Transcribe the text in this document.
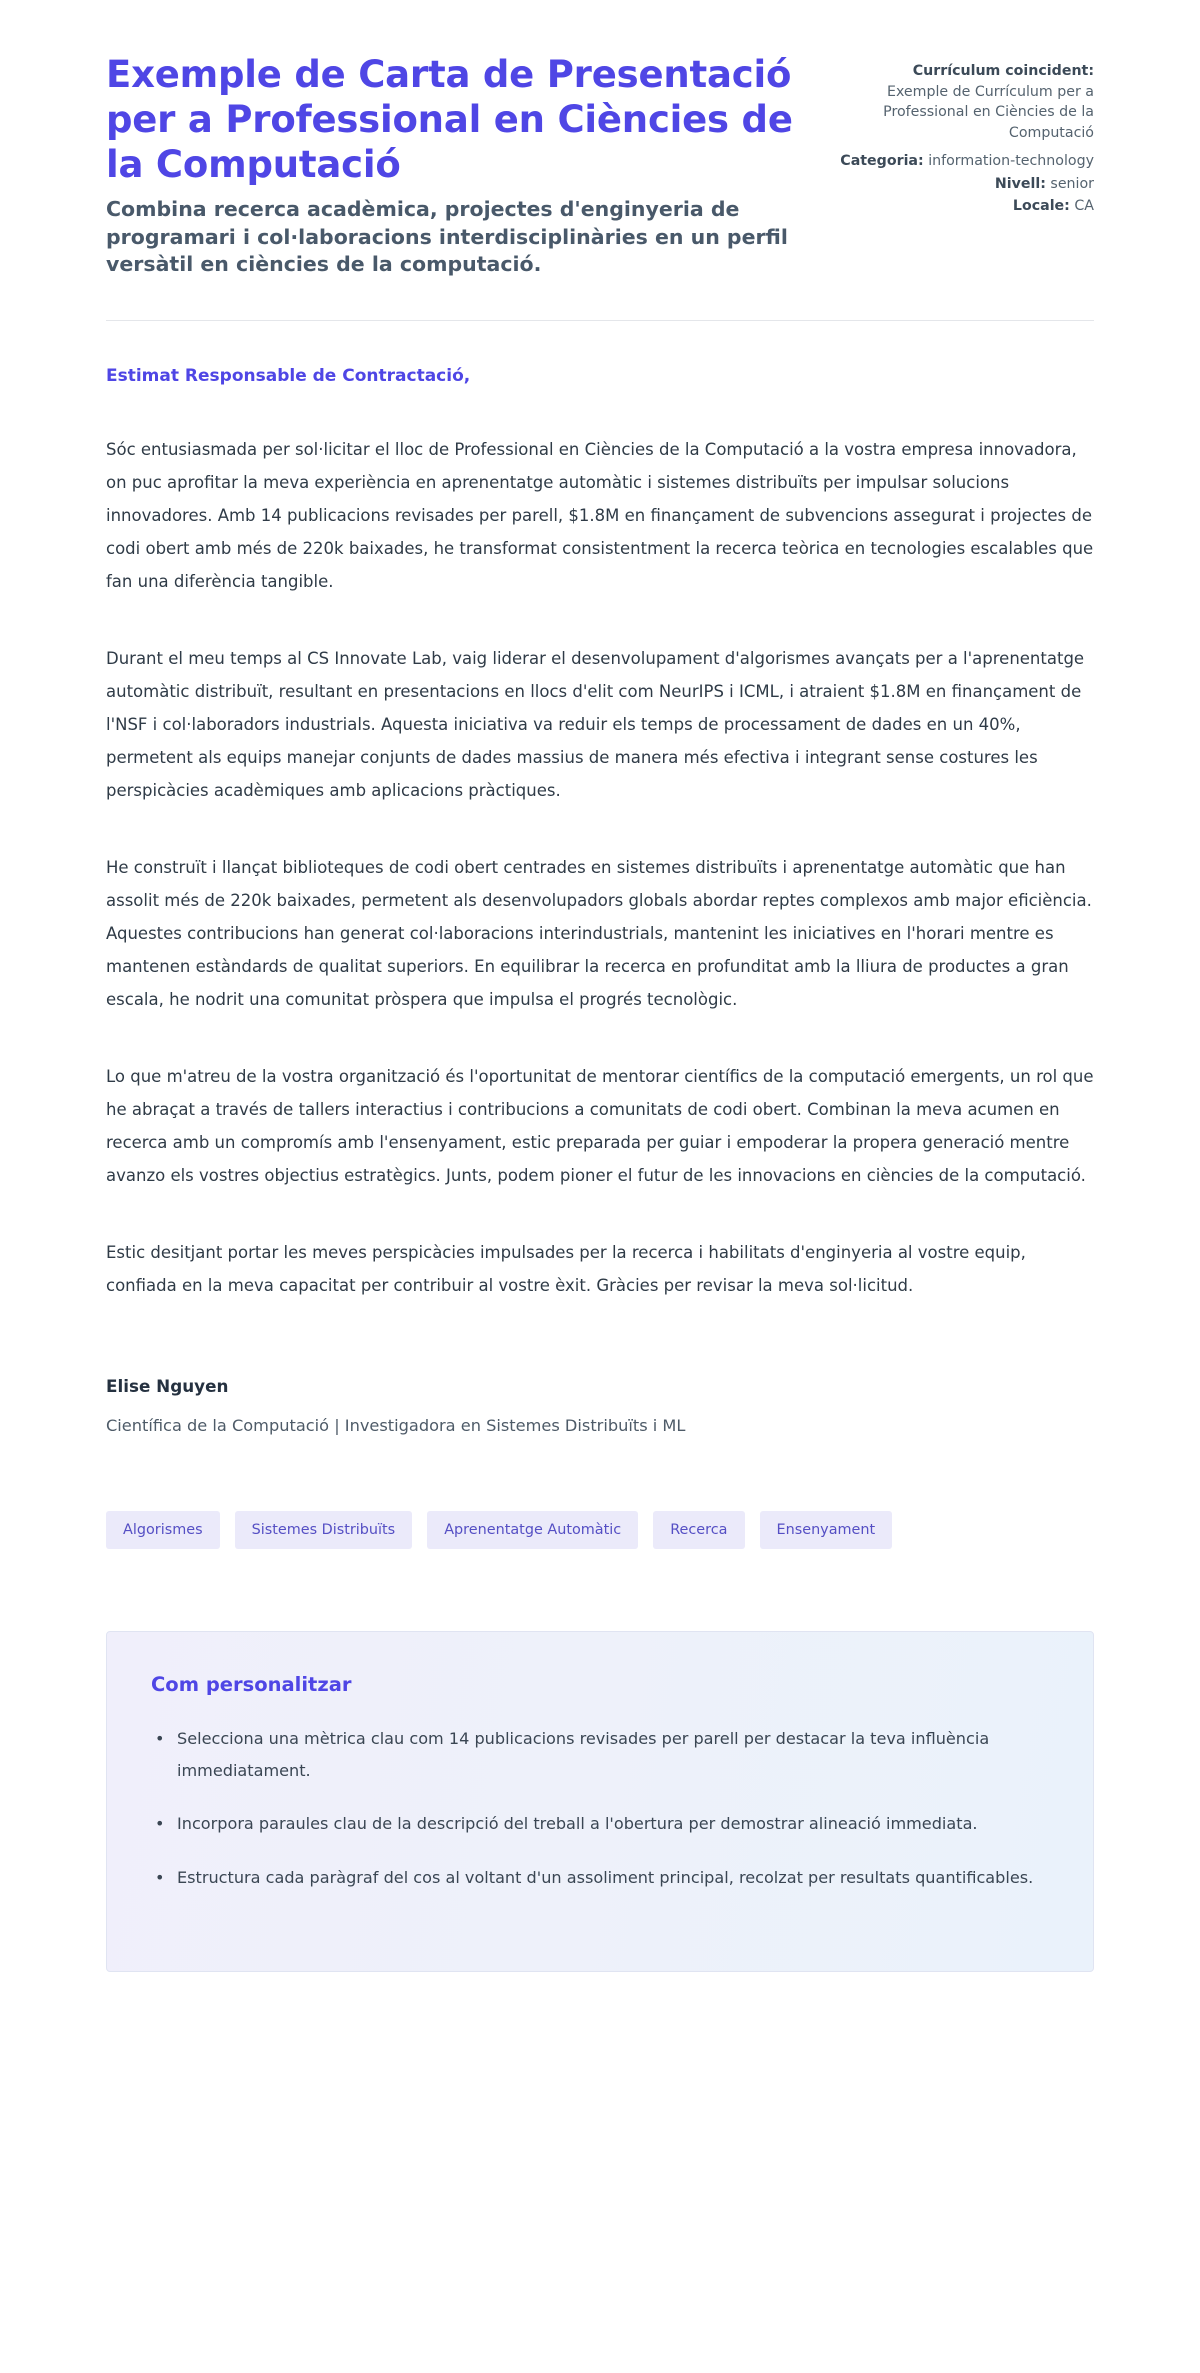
Exemple de Carta de Presentació per a Professional en Ciències de la Computació

Combina recerca acadèmica, projectes d'enginyeria de programari i col·laboracions interdisciplinàries en un perfil versàtil en ciències de la computació.

Currículum coincident:
Exemple de Currículum per a Professional en Ciències de la Computació
Categoria: information-technology
Nivell: senior
Locale: CA

Estimat Responsable de Contractació,

Sóc entusiasmada per sol·licitar el lloc de Professional en Ciències de la Computació a la vostra empresa innovadora, on puc aprofitar la meva experiència en aprenentatge automàtic i sistemes distribuïts per impulsar solucions innovadores. Amb 14 publicacions revisades per parell, $1.8M en finançament de subvencions assegurat i projectes de codi obert amb més de 220k baixades, he transformat consistentment la recerca teòrica en tecnologies escalables que fan una diferència tangible.

Durant el meu temps al CS Innovate Lab, vaig liderar el desenvolupament d'algorismes avançats per a l'aprenentatge automàtic distribuït, resultant en presentacions en llocs d'elit com NeurIPS i ICML, i atraient $1.8M en finançament de l'NSF i col·laboradors industrials. Aquesta iniciativa va reduir els temps de processament de dades en un 40%, permetent als equips manejar conjunts de dades massius de manera més efectiva i integrant sense costures les perspicàcies acadèmiques amb aplicacions pràctiques.

He construït i llançat biblioteques de codi obert centrades en sistemes distribuïts i aprenentatge automàtic que han assolit més de 220k baixades, permetent als desenvolupadors globals abordar reptes complexos amb major eficiència. Aquestes contribucions han generat col·laboracions interindustrials, mantenint les iniciatives en l'horari mentre es mantenen estàndards de qualitat superiors. En equilibrar la recerca en profunditat amb la lliura de productes a gran escala, he nodrit una comunitat pròspera que impulsa el progrés tecnològic.

Lo que m'atreu de la vostra organització és l'oportunitat de mentorar científics de la computació emergents, un rol que he abraçat a través de tallers interactius i contribucions a comunitats de codi obert. Combinan la meva acumen en recerca amb un compromís amb l'ensenyament, estic preparada per guiar i empoderar la propera generació mentre avanzo els vostres objectius estratègics. Junts, podem pioner el futur de les innovacions en ciències de la computació.

Estic desitjant portar les meves perspicàcies impulsades per la recerca i habilitats d'enginyeria al vostre equip, confiada en la meva capacitat per contribuir al vostre èxit. Gràcies per revisar la meva sol·licitud.

Elise Nguyen

Científica de la Computació | Investigadora en Sistemes Distribuïts i ML

Algorismes	Sistemes Distribuïts	Aprenentatge Automàtic	Recerca	Ensenyament
Com personalitzar
• Selecciona una mètrica clau com 14 publicacions revisades per parell per destacar la teva influència immediatament.
• Incorpora paraules clau de la descripció del treball a l'obertura per demostrar alineació immediata.
• Estructura cada paràgraf del cos al voltant d'un assoliment principal, recolzat per resultats quantificables.
